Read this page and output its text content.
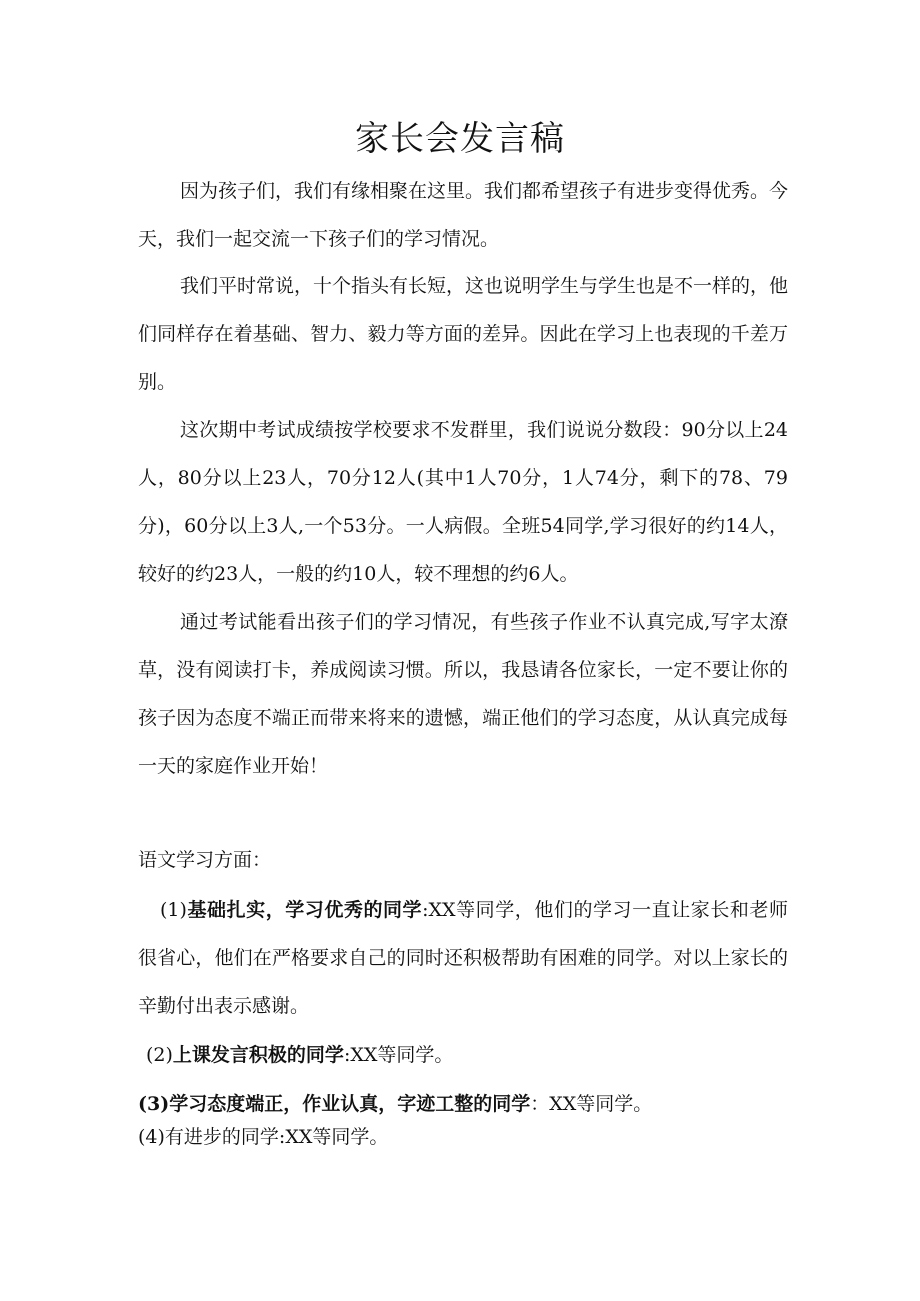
家长会发言稿

因为孩子们，我们有缘相聚在这里。我们都希望孩子有进步变得优秀。今天，我们一起交流一下孩子们的学习情况。

我们平时常说，十个指头有长短，这也说明学生与学生也是不一样的，他们同样存在着基础、智力、毅力等方面的差异。因此在学习上也表现的千差万别。

这次期中考试成绩按学校要求不发群里，我们说说分数段：90分以上24人，80分以上23人，70分12人(其中1人70分，1人74分，剩下的78、79分)，60分以上3人,一个53分。一人病假。全班54同学,学习很好的约14人，较好的约23人，一般的约10人，较不理想的约6人。

通过考试能看出孩子们的学习情况，有些孩子作业不认真完成,写字太潦草，没有阅读打卡，养成阅读习惯。所以，我恳请各位家长，一定不要让你的孩子因为态度不端正而带来将来的遗憾，端正他们的学习态度，从认真完成每一天的家庭作业开始！

语文学习方面：

(1)基础扎实，学习优秀的同学:XX等同学，他们的学习一直让家长和老师很省心，他们在严格要求自己的同时还积极帮助有困难的同学。对以上家长的辛勤付出表示感谢。

(2)上课发言积极的同学:XX等同学。

(3)学习态度端正，作业认真，字迹工整的同学：XX等同学。

(4)有进步的同学:XX等同学。
